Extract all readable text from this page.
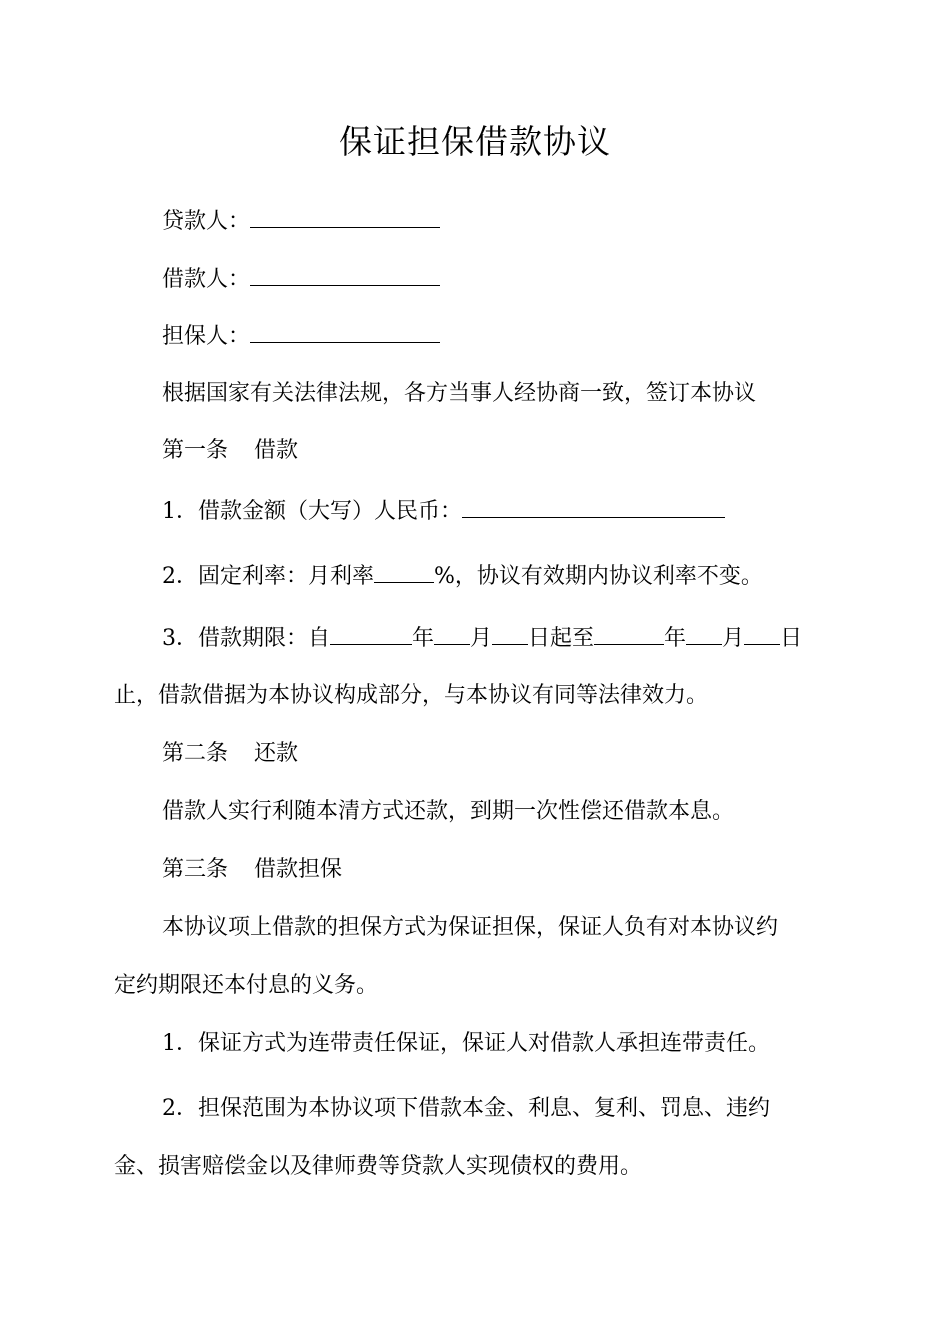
保证担保借款协议
贷款人：
借款人：
担保人：
根据国家有关法律法规，各方当事人经协商一致，签订本协议
第一条 借款
1．借款金额（大写）人民币：
2．固定利率：月利率	%，协议有效期内协议利率不变。
3．借款期限：自	年 月 日起至	年 月 日
止，借款借据为本协议构成部分，与本协议有同等法律效力。
第二条 还款
借款人实行利随本清方式还款，到期一次性偿还借款本息。
第三条 借款担保
本协议项上借款的担保方式为保证担保，保证人负有对本协议约
定约期限还本付息的义务。
1．保证方式为连带责任保证，保证人对借款人承担连带责任。
2．担保范围为本协议项下借款本金、利息、复利、罚息、违约
金、损害赔偿金以及律师费等贷款人实现债权的费用。
